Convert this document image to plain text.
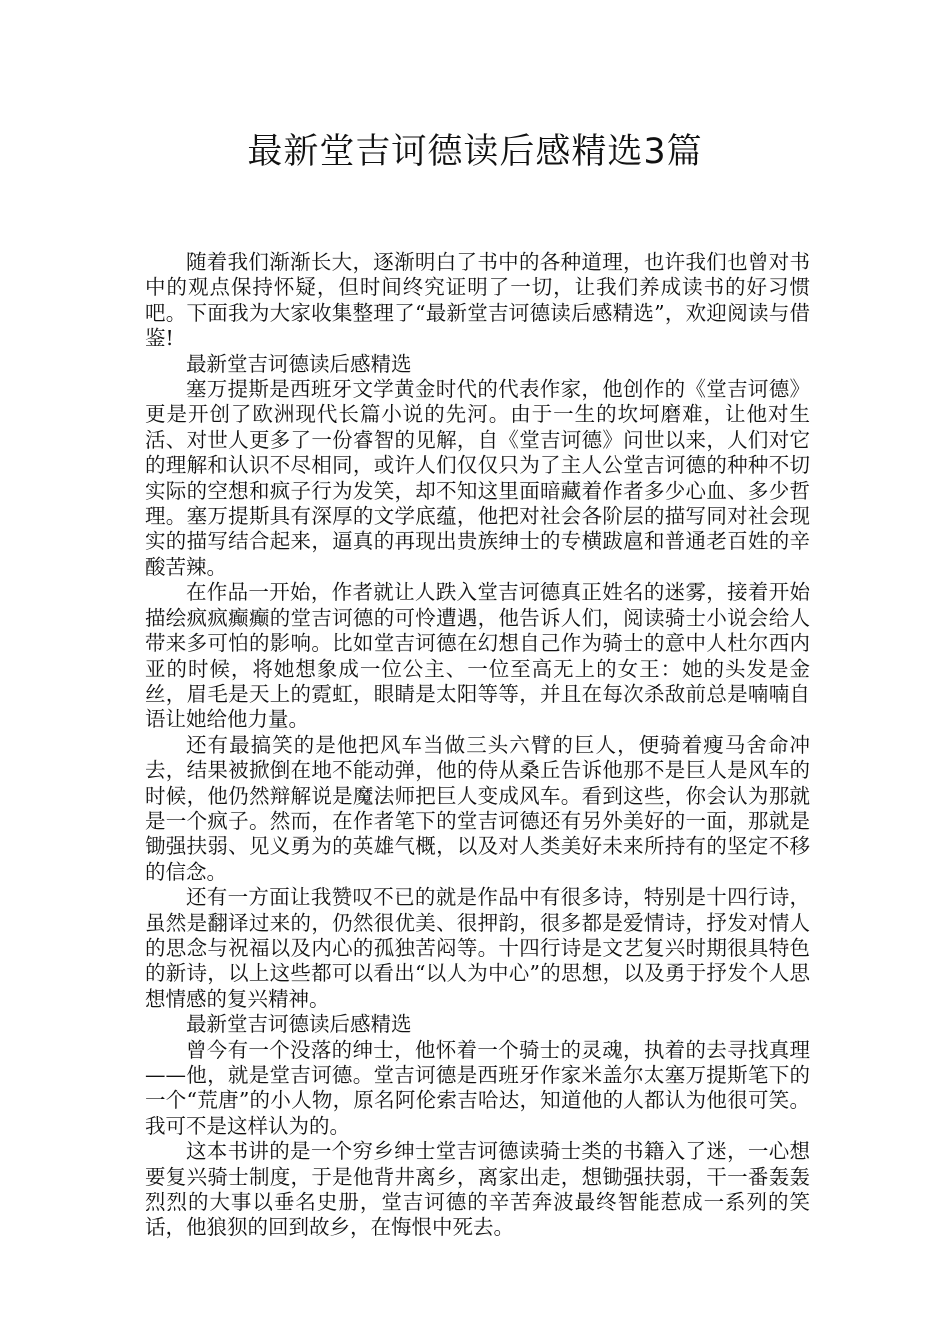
最新堂吉诃德读后感精选3篇

随着我们渐渐长大，逐渐明白了书中的各种道理，也许我们也曾对书中的观点保持怀疑，但时间终究证明了一切，让我们养成读书的好习惯吧。下面我为大家收集整理了“最新堂吉诃德读后感精选”，欢迎阅读与借鉴!

最新堂吉诃德读后感精选

塞万提斯是西班牙文学黄金时代的代表作家，他创作的《堂吉诃德》更是开创了欧洲现代长篇小说的先河。由于一生的坎坷磨难，让他对生活、对世人更多了一份睿智的见解，自《堂吉诃德》问世以来，人们对它的理解和认识不尽相同，或许人们仅仅只为了主人公堂吉诃德的种种不切实际的空想和疯子行为发笑，却不知这里面暗藏着作者多少心血、多少哲理。塞万提斯具有深厚的文学底蕴，他把对社会各阶层的描写同对社会现实的描写结合起来，逼真的再现出贵族绅士的专横跋扈和普通老百姓的辛酸苦辣。

在作品一开始，作者就让人跌入堂吉诃德真正姓名的迷雾，接着开始描绘疯疯癫癫的堂吉诃德的可怜遭遇，他告诉人们，阅读骑士小说会给人带来多可怕的影响。比如堂吉诃德在幻想自己作为骑士的意中人杜尔西内亚的时候，将她想象成一位公主、一位至高无上的女王：她的头发是金丝，眉毛是天上的霓虹，眼睛是太阳等等，并且在每次杀敌前总是喃喃自语让她给他力量。

还有最搞笑的是他把风车当做三头六臂的巨人，便骑着瘦马舍命冲去，结果被掀倒在地不能动弹，他的侍从桑丘告诉他那不是巨人是风车的时候，他仍然辩解说是魔法师把巨人变成风车。看到这些，你会认为那就是一个疯子。然而，在作者笔下的堂吉诃德还有另外美好的一面，那就是锄强扶弱、见义勇为的英雄气概，以及对人类美好未来所持有的坚定不移的信念。

还有一方面让我赞叹不已的就是作品中有很多诗，特别是十四行诗，虽然是翻译过来的，仍然很优美、很押韵，很多都是爱情诗，抒发对情人的思念与祝福以及内心的孤独苦闷等。十四行诗是文艺复兴时期很具特色的新诗，以上这些都可以看出“以人为中心”的思想，以及勇于抒发个人思想情感的复兴精神。

最新堂吉诃德读后感精选

曾今有一个没落的绅士，他怀着一个骑士的灵魂，执着的去寻找真理——他，就是堂吉诃德。堂吉诃德是西班牙作家米盖尔太塞万提斯笔下的一个“荒唐”的小人物，原名阿伦索吉哈达，知道他的人都认为他很可笑。我可不是这样认为的。

这本书讲的是一个穷乡绅士堂吉诃德读骑士类的书籍入了迷，一心想要复兴骑士制度，于是他背井离乡，离家出走，想锄强扶弱，干一番轰轰烈烈的大事以垂名史册，堂吉诃德的辛苦奔波最终智能惹成一系列的笑话，他狼狈的回到故乡，在悔恨中死去。
